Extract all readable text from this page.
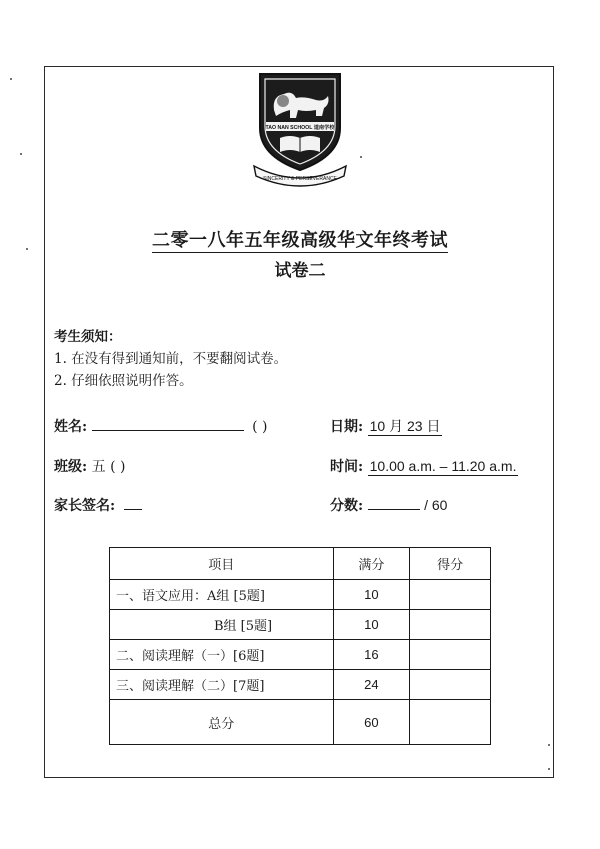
TAO NAN SCHOOL 道南学校
SINCERITY & PERSEVERANCE
二零一八年五年级高级华文年终考试
试卷二
考生须知：
1. 在没有得到通知前，不要翻阅试卷。
2. 仔细依照说明作答。
姓名:	( )	日期: 10 月 23 日
班级: 五 ( )	时间: 10.00 a.m. – 11.20 a.m.
家长签名:	分数:	/ 60
项目	满分	得分
一、语文应用：A组 [5题]	10	
B组 [5题]	10	
二、阅读理解（一）[6题]	16	
三、阅读理解（二）[7题]	24	
总分	60	
